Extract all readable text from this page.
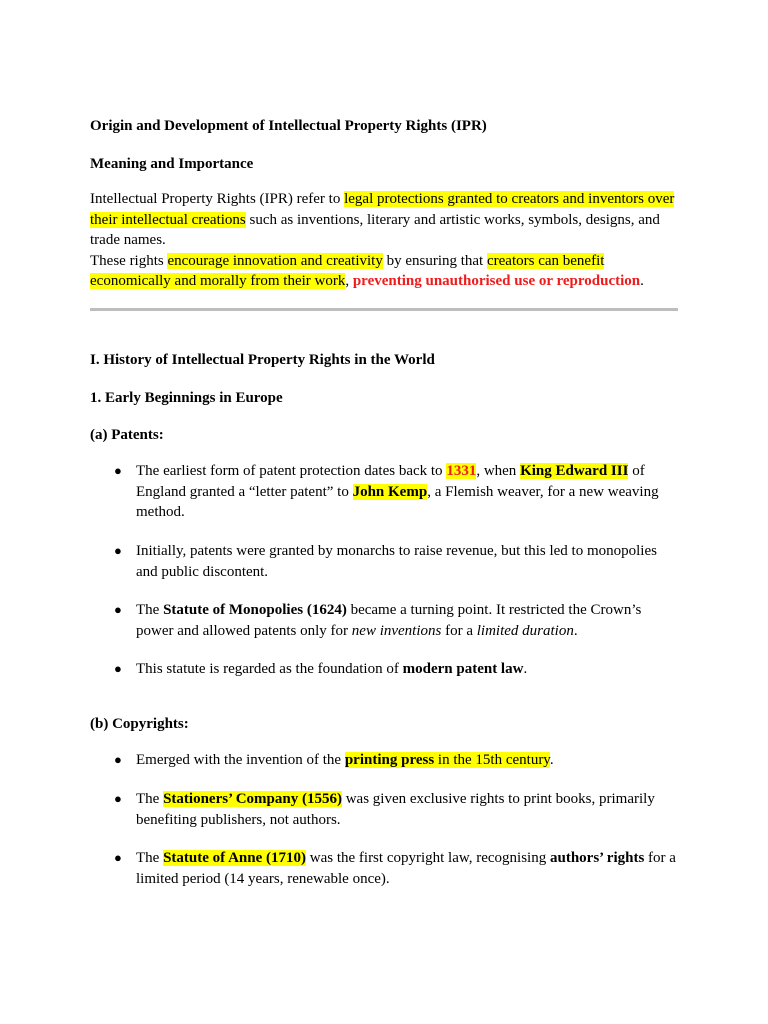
Origin and Development of Intellectual Property Rights (IPR)

Meaning and Importance

Intellectual Property Rights (IPR) refer to legal protections granted to creators and inventors over their intellectual creations such as inventions, literary and artistic works, symbols, designs, and trade names.

These rights encourage innovation and creativity by ensuring that creators can benefit economically and morally from their work, preventing unauthorised use or reproduction.

I. History of Intellectual Property Rights in the World

1. Early Beginnings in Europe

(a) Patents:

● The earliest form of patent protection dates back to 1331, when King Edward III of England granted a “letter patent” to John Kemp, a Flemish weaver, for a new weaving method.

● Initially, patents were granted by monarchs to raise revenue, but this led to monopolies and public discontent.

● The Statute of Monopolies (1624) became a turning point. It restricted the Crown’s power and allowed patents only for new inventions for a limited duration.

● This statute is regarded as the foundation of modern patent law.

(b) Copyrights:

● Emerged with the invention of the printing press in the 15th century.

● The Stationers’ Company (1556) was given exclusive rights to print books, primarily benefiting publishers, not authors.

● The Statute of Anne (1710) was the first copyright law, recognising authors’ rights for a limited period (14 years, renewable once).
